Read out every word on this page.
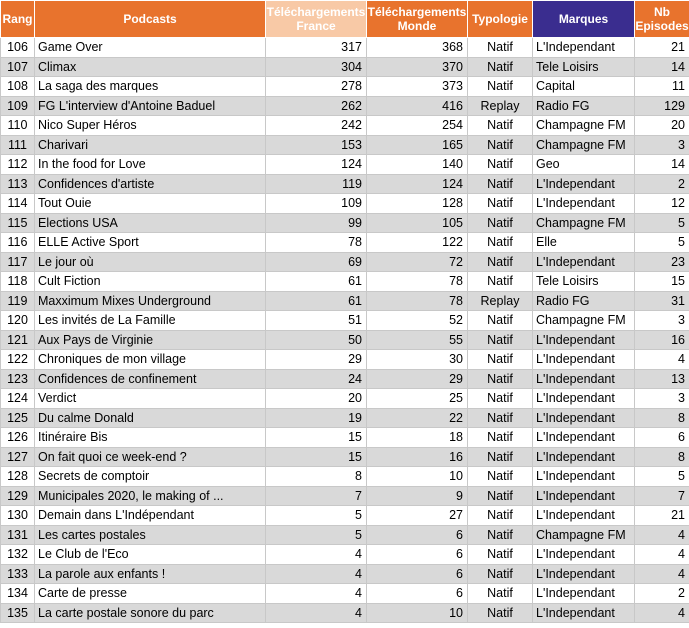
Rang	Podcasts	Téléchargements France	Téléchargements Monde	Typologie	Marques	Nb Episodes
106	Game Over	317	368	Natif	L'Independant	21
107	Climax	304	370	Natif	Tele Loisirs	14
108	La saga des marques	278	373	Natif	Capital	11
109	FG L'interview d'Antoine Baduel	262	416	Replay	Radio FG	129
110	Nico Super Héros	242	254	Natif	Champagne FM	20
111	Charivari	153	165	Natif	Champagne FM	3
112	In the food for Love	124	140	Natif	Geo	14
113	Confidences d'artiste	119	124	Natif	L'Independant	2
114	Tout Ouie	109	128	Natif	L'Independant	12
115	Elections USA	99	105	Natif	Champagne FM	5
116	ELLE Active Sport	78	122	Natif	Elle	5
117	Le jour où	69	72	Natif	L'Independant	23
118	Cult Fiction	61	78	Natif	Tele Loisirs	15
119	Maxximum Mixes Underground	61	78	Replay	Radio FG	31
120	Les invités de La Famille	51	52	Natif	Champagne FM	3
121	Aux Pays de Virginie	50	55	Natif	L'Independant	16
122	Chroniques de mon village	29	30	Natif	L'Independant	4
123	Confidences de confinement	24	29	Natif	L'Independant	13
124	Verdict	20	25	Natif	L'Independant	3
125	Du calme Donald	19	22	Natif	L'Independant	8
126	Itinéraire Bis	15	18	Natif	L'Independant	6
127	On fait quoi ce week-end ?	15	16	Natif	L'Independant	8
128	Secrets de comptoir	8	10	Natif	L'Independant	5
129	Municipales 2020, le making of ...	7	9	Natif	L'Independant	7
130	Demain dans L'Indépendant	5	27	Natif	L'Independant	21
131	Les cartes postales	5	6	Natif	Champagne FM	4
132	Le Club de l'Eco	4	6	Natif	L'Independant	4
133	La parole aux enfants !	4	6	Natif	L'Independant	4
134	Carte de presse	4	6	Natif	L'Independant	2
135	La carte postale sonore du parc	4	10	Natif	L'Independant	4
